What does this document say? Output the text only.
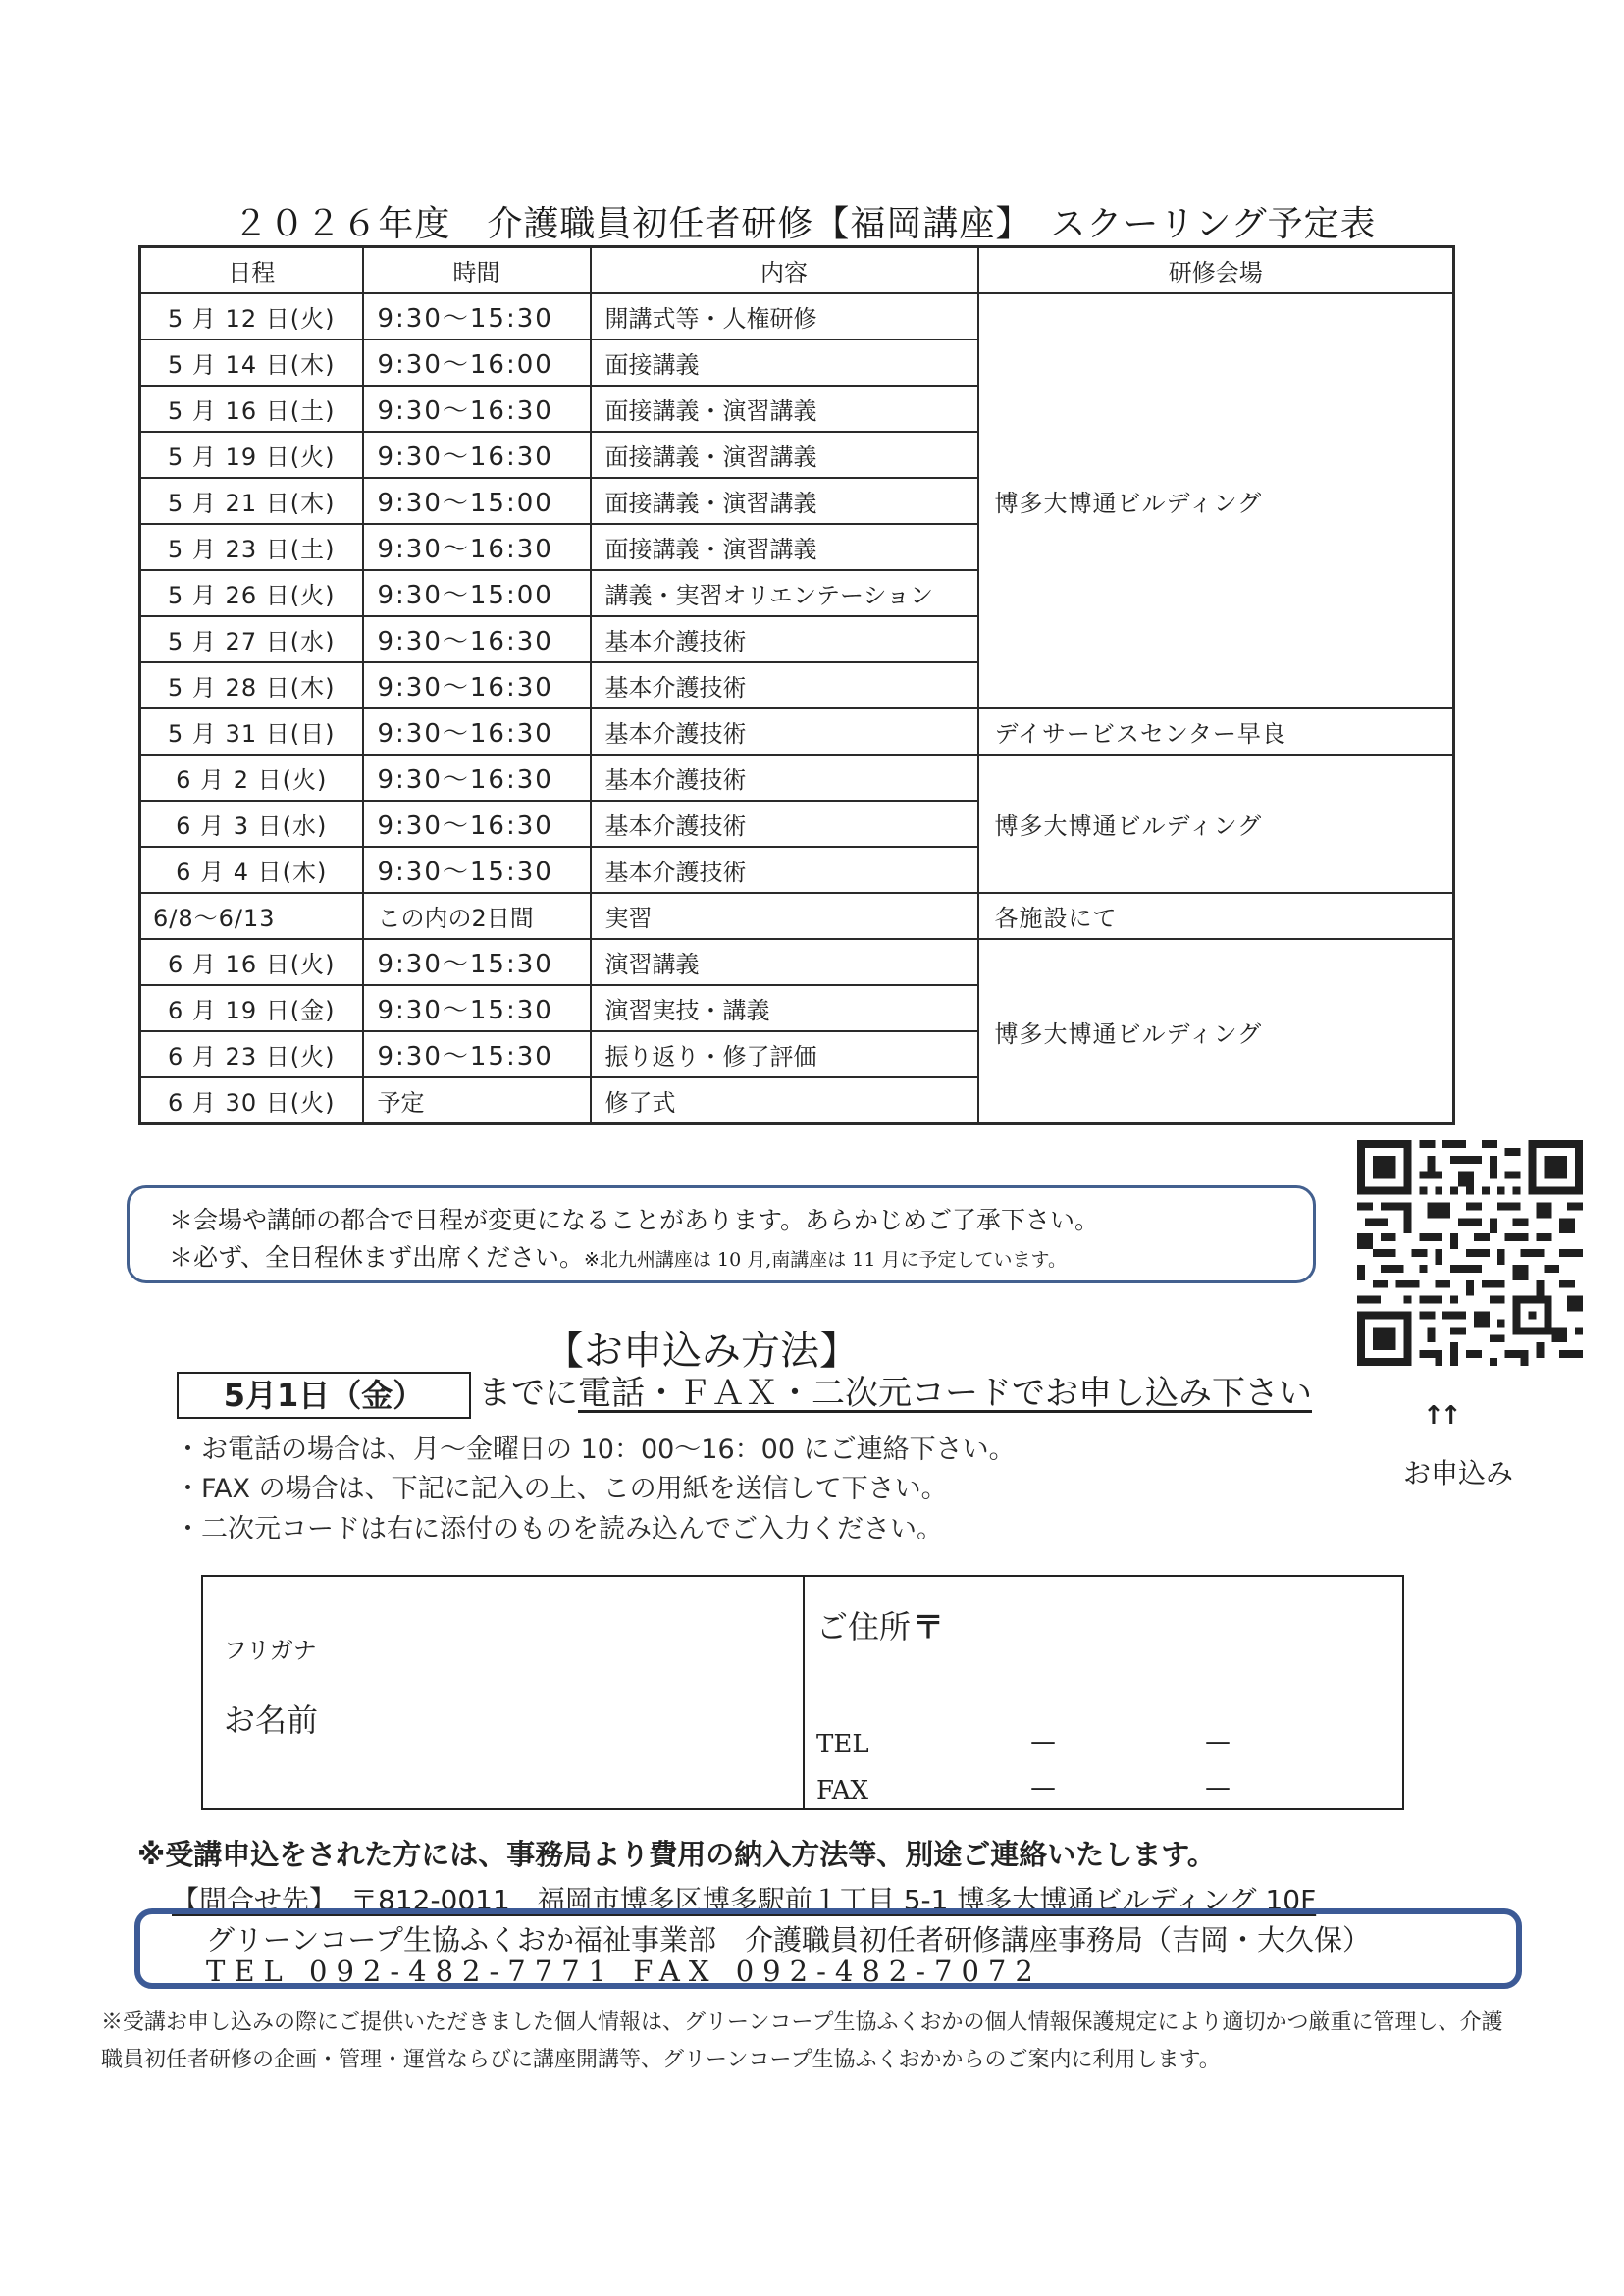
２０２６年度　介護職員初任者研修【福岡講座】　スクーリング予定表
日程	時間	内容	研修会場
5 月 12 日(火)	9:30〜15:30	開講式等・人権研修	博多大博通ビルディング
5 月 14 日(木)	9:30〜16:00	面接講義	
5 月 16 日(土)	9:30〜16:30	面接講義・演習講義	
5 月 19 日(火)	9:30〜16:30	面接講義・演習講義	
5 月 21 日(木)	9:30〜15:00	面接講義・演習講義	
5 月 23 日(土)	9:30〜16:30	面接講義・演習講義	
5 月 26 日(火)	9:30〜15:00	講義・実習オリエンテーション	
5 月 27 日(水)	9:30〜16:30	基本介護技術	
5 月 28 日(木)	9:30〜16:30	基本介護技術	
5 月 31 日(日)	9:30〜16:30	基本介護技術	デイサービスセンター早良
6 月 2 日(火)	9:30〜16:30	基本介護技術	博多大博通ビルディング
6 月 3 日(水)	9:30〜16:30	基本介護技術	
6 月 4 日(木)	9:30〜15:30	基本介護技術	
6/8〜6/13	この内の2日間	実習	各施設にて
6 月 16 日(火)	9:30〜15:30	演習講義	博多大博通ビルディング
6 月 19 日(金)	9:30〜15:30	演習実技・講義	
6 月 23 日(火)	9:30〜15:30	振り返り・修了評価	
6 月 30 日(火)	予定	修了式	
＊会場や講師の都合で日程が変更になることがあります。あらかじめご了承下さい。
＊必ず、全日程休まず出席ください。※北九州講座は 10 月,南講座は 11 月に予定しています。
↑↑
お申込み
【お申込み方法】
5月1日（金）	までに電話・ＦＡＸ・二次元コードでお申し込み下さい
・お電話の場合は、月〜金曜日の 10：00〜16：00 にご連絡下さい。
・FAX の場合は、下記に記入の上、この用紙を送信して下さい。
・二次元コードは右に添付のものを読み込んでご入力ください。
フリガナ
お名前
ご住所 〒
TEL	—	—
FAX	—	—
※受講申込をされた方には、事務局より費用の納入方法等、別途ご連絡いたします。
【問合せ先】　〒812-0011　福岡市博多区博多駅前１丁目 5-1 博多大博通ビルディング 10F
グリーンコープ生協ふくおか福祉事業部　介護職員初任者研修講座事務局（吉岡・大久保）
TEL 092-482-7771 FAX 092-482-7072
※受講お申し込みの際にご提供いただきました個人情報は、グリーンコープ生協ふくおかの個人情報保護規定により適切かつ厳重に管理し、介護職員初任者研修の企画・管理・運営ならびに講座開講等、グリーンコープ生協ふくおかからのご案内に利用します。
